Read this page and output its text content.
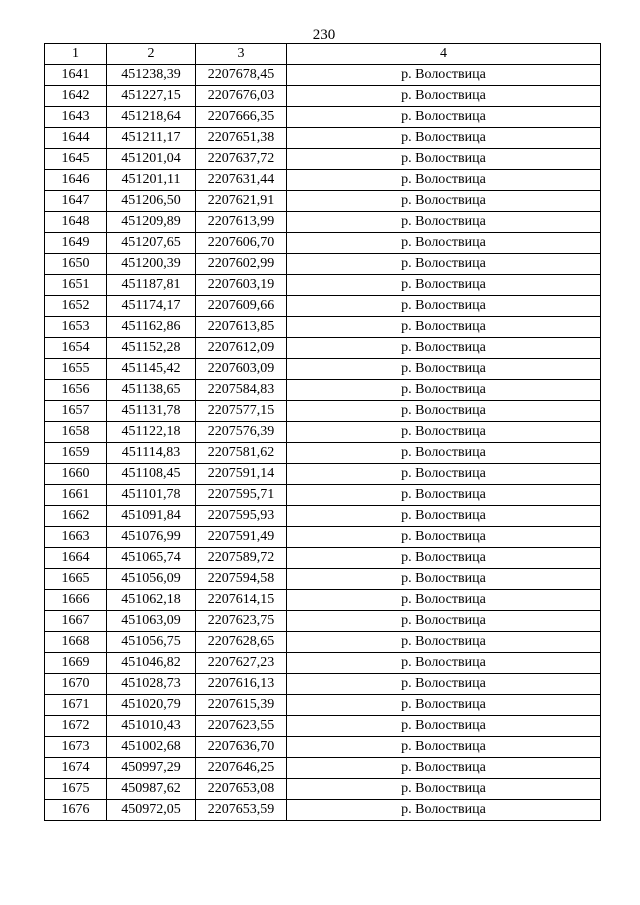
230
1	2	3	4
1641	451238,39	2207678,45	р. Волоствица
1642	451227,15	2207676,03	р. Волоствица
1643	451218,64	2207666,35	р. Волоствица
1644	451211,17	2207651,38	р. Волоствица
1645	451201,04	2207637,72	р. Волоствица
1646	451201,11	2207631,44	р. Волоствица
1647	451206,50	2207621,91	р. Волоствица
1648	451209,89	2207613,99	р. Волоствица
1649	451207,65	2207606,70	р. Волоствица
1650	451200,39	2207602,99	р. Волоствица
1651	451187,81	2207603,19	р. Волоствица
1652	451174,17	2207609,66	р. Волоствица
1653	451162,86	2207613,85	р. Волоствица
1654	451152,28	2207612,09	р. Волоствица
1655	451145,42	2207603,09	р. Волоствица
1656	451138,65	2207584,83	р. Волоствица
1657	451131,78	2207577,15	р. Волоствица
1658	451122,18	2207576,39	р. Волоствица
1659	451114,83	2207581,62	р. Волоствица
1660	451108,45	2207591,14	р. Волоствица
1661	451101,78	2207595,71	р. Волоствица
1662	451091,84	2207595,93	р. Волоствица
1663	451076,99	2207591,49	р. Волоствица
1664	451065,74	2207589,72	р. Волоствица
1665	451056,09	2207594,58	р. Волоствица
1666	451062,18	2207614,15	р. Волоствица
1667	451063,09	2207623,75	р. Волоствица
1668	451056,75	2207628,65	р. Волоствица
1669	451046,82	2207627,23	р. Волоствица
1670	451028,73	2207616,13	р. Волоствица
1671	451020,79	2207615,39	р. Волоствица
1672	451010,43	2207623,55	р. Волоствица
1673	451002,68	2207636,70	р. Волоствица
1674	450997,29	2207646,25	р. Волоствица
1675	450987,62	2207653,08	р. Волоствица
1676	450972,05	2207653,59	р. Волоствица
